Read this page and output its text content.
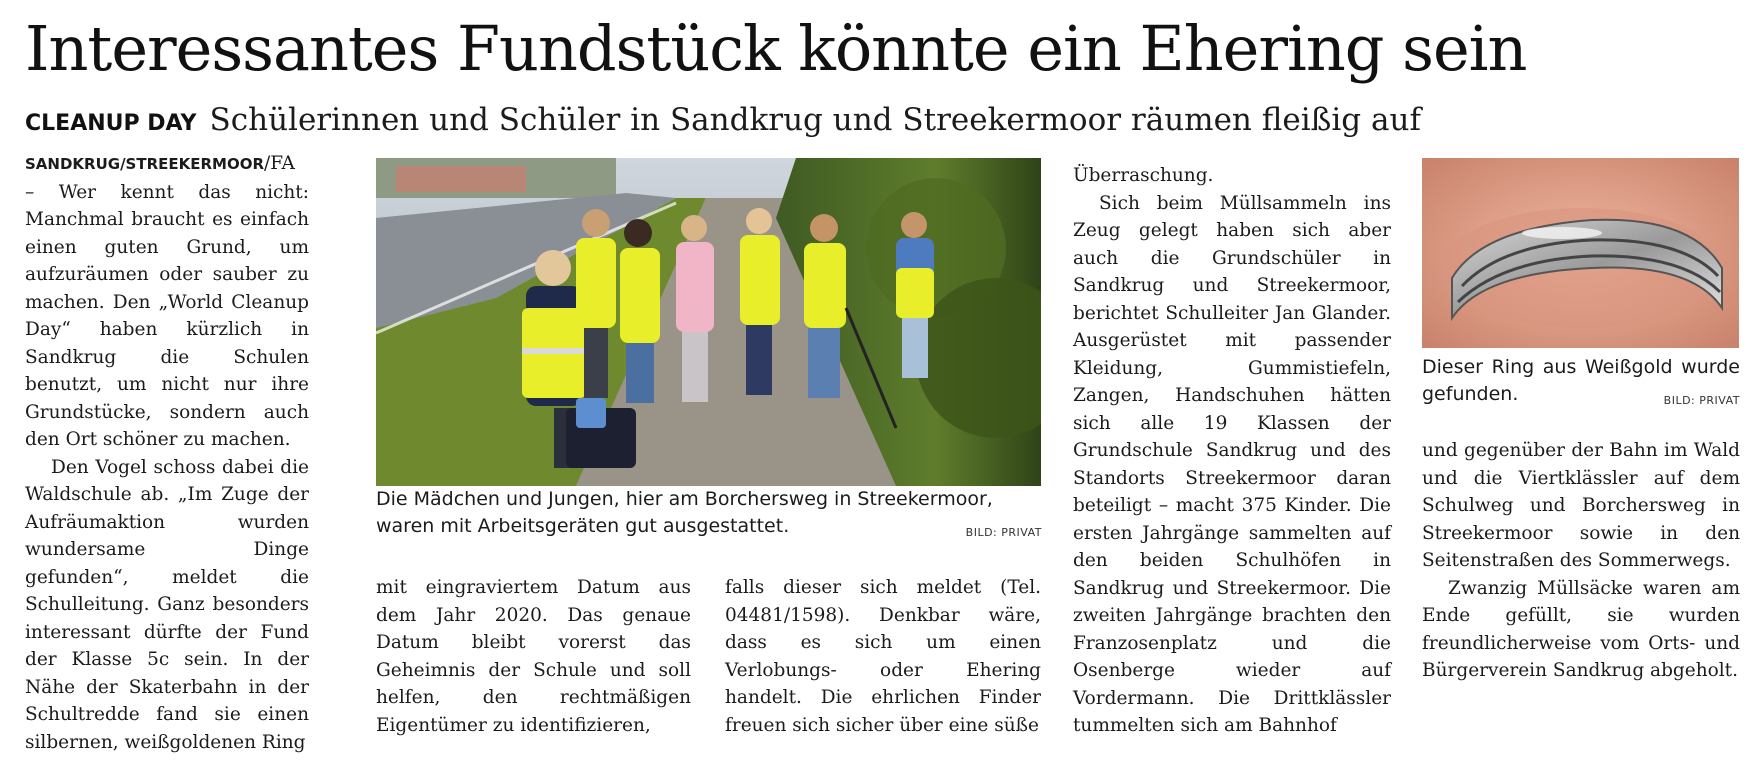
Interessantes Fundstück könnte ein Ehering sein
CLEANUP DAY Schülerinnen und Schüler in Sandkrug und Streekermoor räumen fleißig auf

SANDKRUG/STREEKERMOOR/FA – Wer kennt das nicht: Manchmal braucht es einfach einen guten Grund, um aufzuräumen oder sauber zu machen. Den „World Cleanup Day“ haben kürzlich in Sandkrug die Schulen benutzt, um nicht nur ihre Grundstücke, sondern auch den Ort schöner zu machen.

Den Vogel schoss dabei die Waldschule ab. „Im Zuge der Aufräumaktion wurden wundersame Dinge gefunden“, meldet die Schulleitung. Ganz besonders interessant dürfte der Fund der Klasse 5c sein. In der Nähe der Skaterbahn in der Schultredde fand sie einen silbernen, weißgoldenen Ring

Die Mädchen und Jungen, hier am Borchersweg in Streekermoor, waren mit Arbeitsgeräten gut ausgestattet.	BILD: PRIVAT

mit eingraviertem Datum aus dem Jahr 2020. Das genaue Datum bleibt vorerst das Geheimnis der Schule und soll helfen, den rechtmäßigen Eigentümer zu identifizieren,

falls dieser sich meldet (Tel. 04481/1598). Denkbar wäre, dass es sich um einen Verlobungs- oder Ehering handelt. Die ehrlichen Finder freuen sich sicher über eine süße

Überraschung.

Sich beim Müllsammeln ins Zeug gelegt haben sich aber auch die Grundschüler in Sandkrug und Streekermoor, berichtet Schulleiter Jan Glander. Ausgerüstet mit passender Kleidung, Gummistiefeln, Zangen, Handschuhen hätten sich alle 19 Klassen der Grundschule Sandkrug und des Standorts Streekermoor daran beteiligt – macht 375 Kinder. Die ersten Jahrgänge sammelten auf den beiden Schulhöfen in Sandkrug und Streekermoor. Die zweiten Jahrgänge brachten den Franzosenplatz und die Osenberge wieder auf Vordermann. Die Drittklässler tummelten sich am Bahnhof

Dieser Ring aus Weißgold wurde gefunden.	BILD: PRIVAT

und gegenüber der Bahn im Wald und die Viertklässler auf dem Schulweg und Borchersweg in Streekermoor sowie in den Seitenstraßen des Sommerwegs.

Zwanzig Müllsäcke waren am Ende gefüllt, sie wurden freundlicherweise vom Orts- und Bürgerverein Sandkrug abgeholt.
